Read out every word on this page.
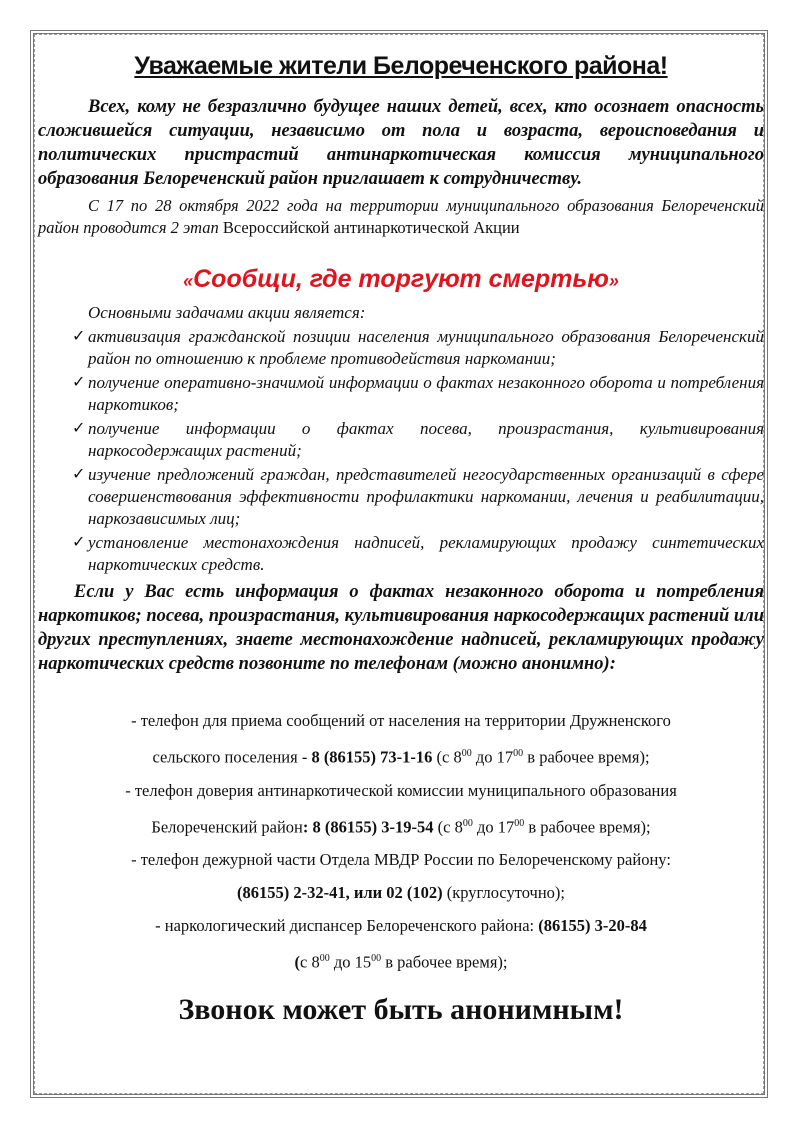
Уважаемые жители Белореченского района!

Всех, кому не безразлично будущее наших детей, всех, кто осознает опасность сложившейся ситуации, независимо от пола и возраста, вероисповедания и политических пристрастий антинаркотическая комиссия муниципального образования Белореченский район приглашает к сотрудничеству.

С 17 по 28 октября 2022 года на территории муниципального образования Белореченский район проводится 2 этап Всероссийской антинаркотической Акции

«Сообщи, где торгуют смертью»

Основными задачами акции является:

✓ активизация гражданской позиции населения муниципального образования Белореченский район по отношению к проблеме противодействия наркомании;
✓ получение оперативно-значимой информации о фактах незаконного оборота и потребления наркотиков;
✓ получение информации о фактах посева, произрастания, культивирования наркосодержащих растений;
✓ изучение предложений граждан, представителей негосударственных организаций в сфере совершенствования эффективности профилактики наркомании, лечения и реабилитации, наркозависимых лиц;
✓ установление местонахождения надписей, рекламирующих продажу синтетических наркотических средств.

Если у Вас есть информация о фактах незаконного оборота и потребления наркотиков; посева, произрастания, культивирования наркосодержащих растений или других преступлениях, знаете местонахождение надписей, рекламирующих продажу наркотических средств позвоните по телефонам (можно анонимно):

- телефон для приема сообщений от населения на территории Дружненского

сельского поселения - 8 (86155) 73-1-16 (с $8^{00}$ до $17^{00}$ в рабочее время);

- телефон доверия антинаркотической комиссии муниципального образования

Белореченский район: 8 (86155) 3-19-54 (с $8^{00}$ до $17^{00}$ в рабочее время);

- телефон дежурной части Отдела МВДР России по Белореченскому району:

(86155) 2-32-41, или 02 (102) (круглосуточно);

- наркологический диспансер Белореченского района: (86155) 3-20-84

(с $8^{00}$ до $15^{00}$ в рабочее время);

Звонок может быть анонимным!
